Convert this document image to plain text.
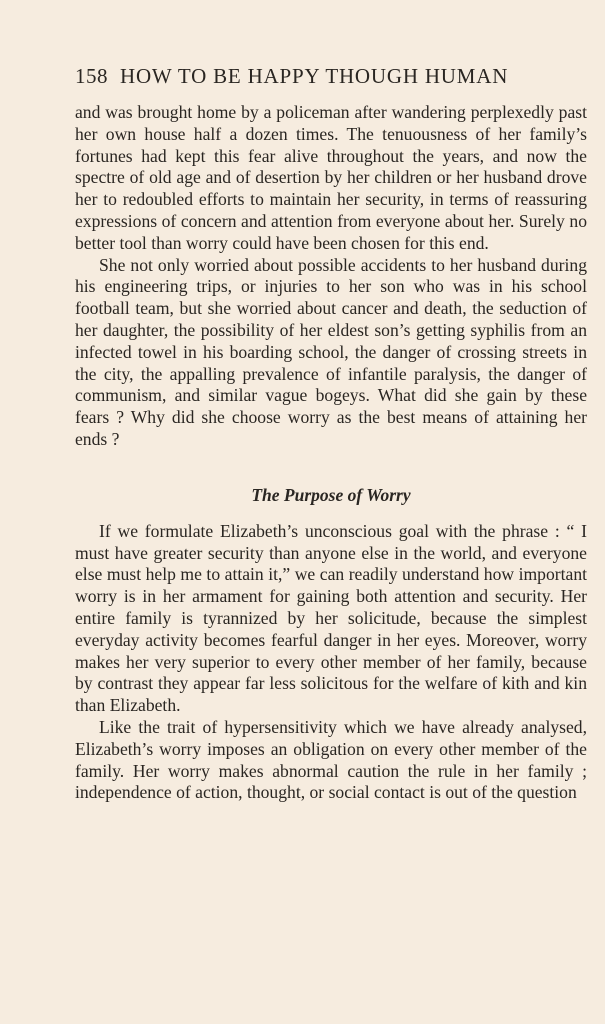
158 HOW TO BE HAPPY THOUGH HUMAN

and was brought home by a policeman after wandering perplexedly past her own house half a dozen times. The tenuousness of her family’s fortunes had kept this fear alive throughout the years, and now the spectre of old age and of desertion by her children or her husband drove her to redoubled efforts to maintain her security, in terms of reassuring expressions of concern and attention from everyone about her. Surely no better tool than worry could have been chosen for this end.

She not only worried about possible accidents to her husband during his engineering trips, or injuries to her son who was in his school football team, but she worried about cancer and death, the seduction of her daughter, the possibility of her eldest son’s getting syphilis from an infected towel in his boarding school, the danger of crossing streets in the city, the appalling prevalence of infantile paralysis, the danger of communism, and similar vague bogeys. What did she gain by these fears ? Why did she choose worry as the best means of attaining her ends ?

The Purpose of Worry

If we formulate Elizabeth’s unconscious goal with the phrase : “ I must have greater security than anyone else in the world, and everyone else must help me to attain it,” we can readily understand how important worry is in her armament for gaining both attention and security. Her entire family is tyrannized by her solicitude, because the simplest everyday activity becomes fearful danger in her eyes. Moreover, worry makes her very superior to every other member of her family, because by contrast they appear far less solicitous for the welfare of kith and kin than Elizabeth.

Like the trait of hypersensitivity which we have already analysed, Elizabeth’s worry imposes an obligation on every other member of the family. Her worry makes abnormal caution the rule in her family ; independence of action, thought, or social contact is out of the question
